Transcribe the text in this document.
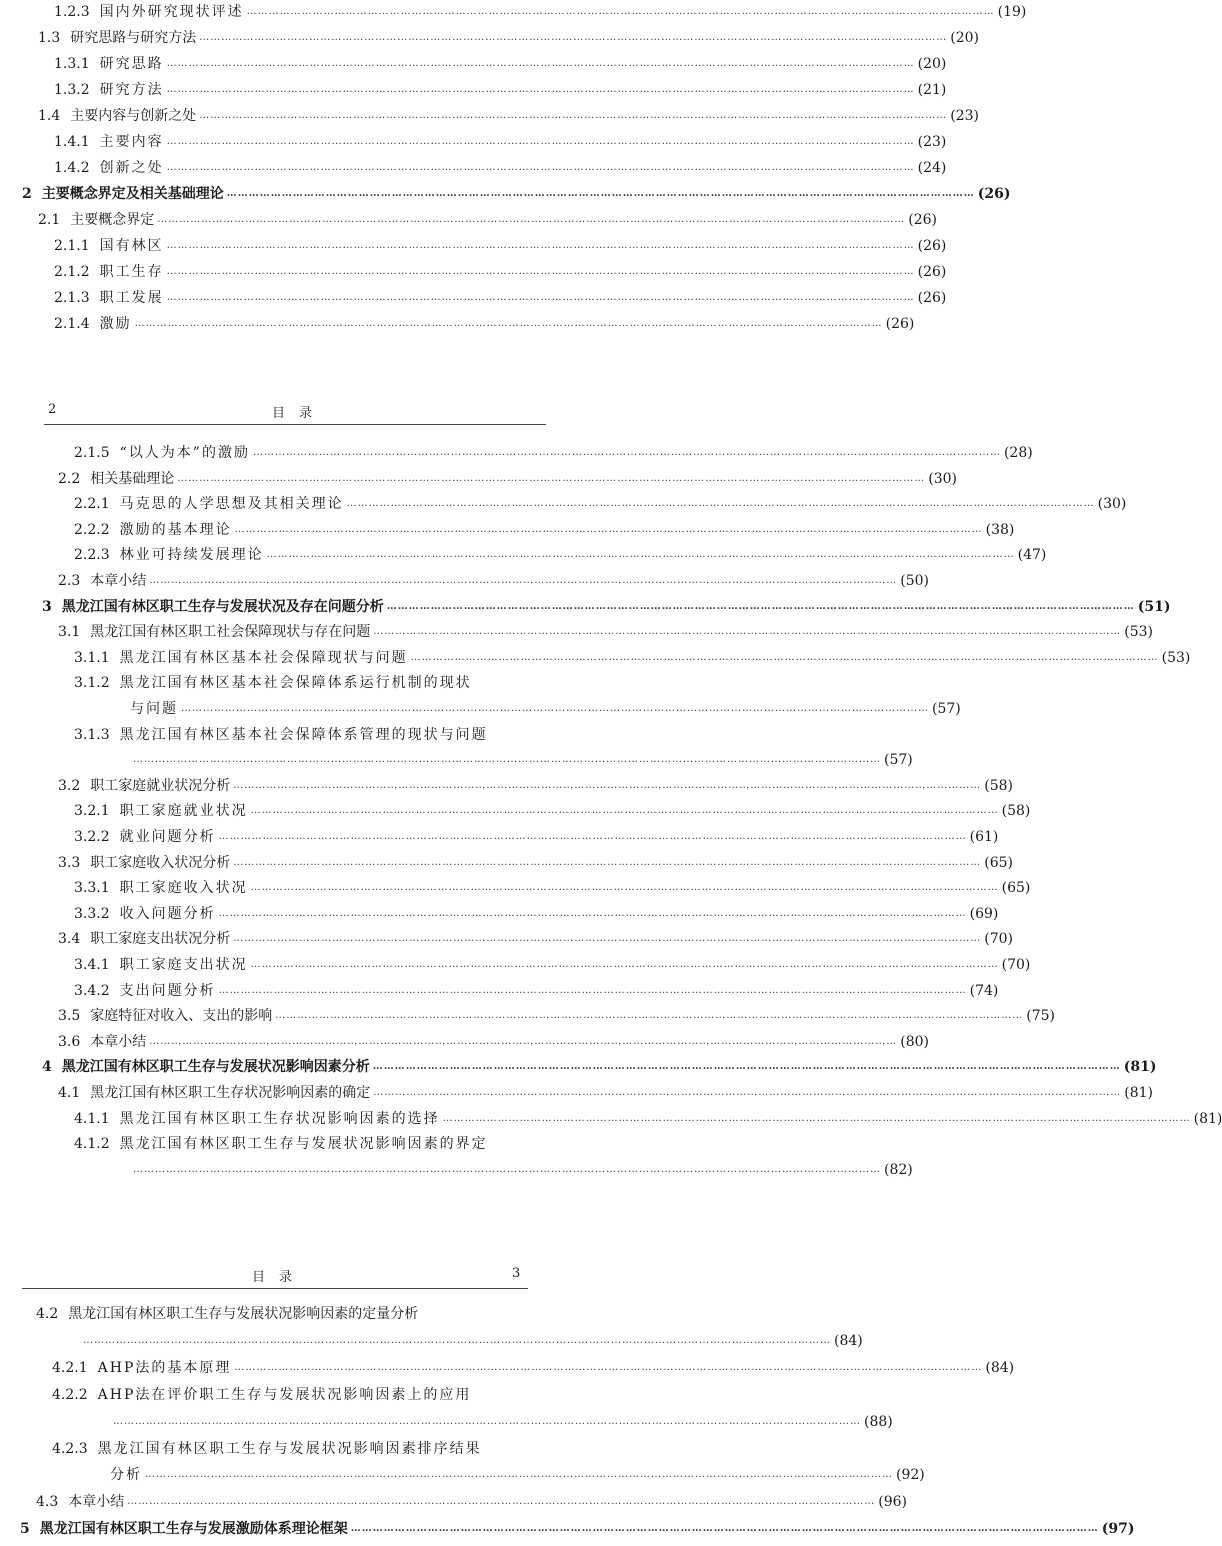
1.2.3 国内外研究现状评述 …………………………………………………………………………………………………………………………………………………………………………………… (19)
1.3 研究思路与研究方法 …………………………………………………………………………………………………………………………………………………………………………………… (20)
1.3.1 研究思路 …………………………………………………………………………………………………………………………………………………………………………………… (20)
1.3.2 研究方法 …………………………………………………………………………………………………………………………………………………………………………………… (21)
1.4 主要内容与创新之处 …………………………………………………………………………………………………………………………………………………………………………………… (23)
1.4.1 主要内容 …………………………………………………………………………………………………………………………………………………………………………………… (23)
1.4.2 创新之处 …………………………………………………………………………………………………………………………………………………………………………………… (24)
2 主要概念界定及相关基础理论 …………………………………………………………………………………………………………………………………………………………………………………… (26)
2.1 主要概念界定 …………………………………………………………………………………………………………………………………………………………………………………… (26)
2.1.1 国有林区 …………………………………………………………………………………………………………………………………………………………………………………… (26)
2.1.2 职工生存 …………………………………………………………………………………………………………………………………………………………………………………… (26)
2.1.3 职工发展 …………………………………………………………………………………………………………………………………………………………………………………… (26)
2.1.4 激励 …………………………………………………………………………………………………………………………………………………………………………………… (26)
2	目录
2.1.5 “以人为本”的激励 …………………………………………………………………………………………………………………………………………………………………………………… (28)
2.2 相关基础理论 …………………………………………………………………………………………………………………………………………………………………………………… (30)
2.2.1 马克思的人学思想及其相关理论 …………………………………………………………………………………………………………………………………………………………………………………… (30)
2.2.2 激励的基本理论 …………………………………………………………………………………………………………………………………………………………………………………… (38)
2.2.3 林业可持续发展理论 …………………………………………………………………………………………………………………………………………………………………………………… (47)
2.3 本章小结 …………………………………………………………………………………………………………………………………………………………………………………… (50)
3 黑龙江国有林区职工生存与发展状况及存在问题分析 …………………………………………………………………………………………………………………………………………………………………………………… (51)
3.1 黑龙江国有林区职工社会保障现状与存在问题 …………………………………………………………………………………………………………………………………………………………………………………… (53)
3.1.1 黑龙江国有林区基本社会保障现状与问题 …………………………………………………………………………………………………………………………………………………………………………………… (53)
3.1.2 黑龙江国有林区基本社会保障体系运行机制的现状
与问题 …………………………………………………………………………………………………………………………………………………………………………………… (57)
3.1.3 黑龙江国有林区基本社会保障体系管理的现状与问题
…………………………………………………………………………………………………………………………………………………………………………………… (57)
3.2 职工家庭就业状况分析 …………………………………………………………………………………………………………………………………………………………………………………… (58)
3.2.1 职工家庭就业状况 …………………………………………………………………………………………………………………………………………………………………………………… (58)
3.2.2 就业问题分析 …………………………………………………………………………………………………………………………………………………………………………………… (61)
3.3 职工家庭收入状况分析 …………………………………………………………………………………………………………………………………………………………………………………… (65)
3.3.1 职工家庭收入状况 …………………………………………………………………………………………………………………………………………………………………………………… (65)
3.3.2 收入问题分析 …………………………………………………………………………………………………………………………………………………………………………………… (69)
3.4 职工家庭支出状况分析 …………………………………………………………………………………………………………………………………………………………………………………… (70)
3.4.1 职工家庭支出状况 …………………………………………………………………………………………………………………………………………………………………………………… (70)
3.4.2 支出问题分析 …………………………………………………………………………………………………………………………………………………………………………………… (74)
3.5 家庭特征对收入、支出的影响 …………………………………………………………………………………………………………………………………………………………………………………… (75)
3.6 本章小结 …………………………………………………………………………………………………………………………………………………………………………………… (80)
4 黑龙江国有林区职工生存与发展状况影响因素分析 …………………………………………………………………………………………………………………………………………………………………………………… (81)
4.1 黑龙江国有林区职工生存状况影响因素的确定 …………………………………………………………………………………………………………………………………………………………………………………… (81)
4.1.1 黑龙江国有林区职工生存状况影响因素的选择 …………………………………………………………………………………………………………………………………………………………………………………… (81)
4.1.2 黑龙江国有林区职工生存与发展状况影响因素的界定
…………………………………………………………………………………………………………………………………………………………………………………… (82)
目录	3
4.2 黑龙江国有林区职工生存与发展状况影响因素的定量分析
…………………………………………………………………………………………………………………………………………………………………………………… (84)
4.2.1 AHP法的基本原理 …………………………………………………………………………………………………………………………………………………………………………………… (84)
4.2.2 AHP法在评价职工生存与发展状况影响因素上的应用
…………………………………………………………………………………………………………………………………………………………………………………… (88)
4.2.3 黑龙江国有林区职工生存与发展状况影响因素排序结果
分析 …………………………………………………………………………………………………………………………………………………………………………………… (92)
4.3 本章小结 …………………………………………………………………………………………………………………………………………………………………………………… (96)
5 黑龙江国有林区职工生存与发展激励体系理论框架 …………………………………………………………………………………………………………………………………………………………………………………… (97)
